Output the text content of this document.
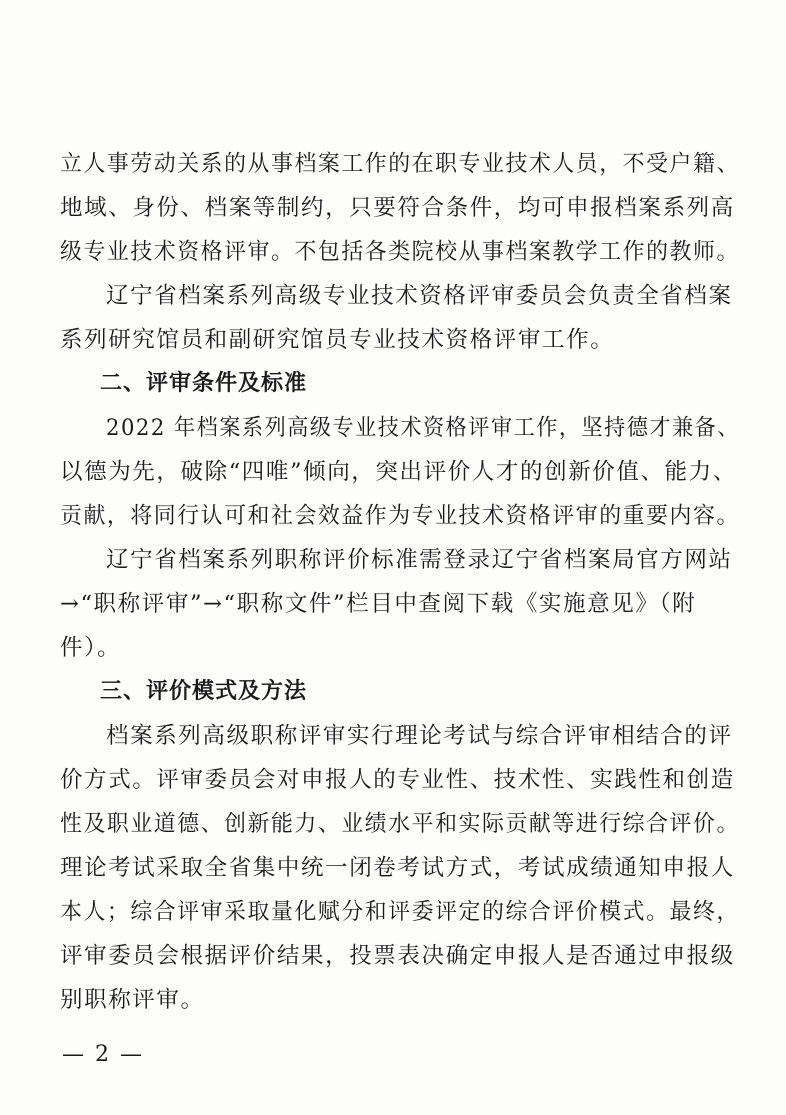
立人事劳动关系的从事档案工作的在职专业技术人员，不受户籍、
地域、身份、档案等制约，只要符合条件，均可申报档案系列高
级专业技术资格评审。不包括各类院校从事档案教学工作的教师。
辽宁省档案系列高级专业技术资格评审委员会负责全省档案
系列研究馆员和副研究馆员专业技术资格评审工作。
二、评审条件及标准
2022 年档案系列高级专业技术资格评审工作，坚持德才兼备、
以德为先，破除“四唯”倾向，突出评价人才的创新价值、能力、
贡献，将同行认可和社会效益作为专业技术资格评审的重要内容。
辽宁省档案系列职称评价标准需登录辽宁省档案局官方网站
→“职称评审”→“职称文件”栏目中查阅下载《实施意见》（附
件）。
三、评价模式及方法
档案系列高级职称评审实行理论考试与综合评审相结合的评
价方式。评审委员会对申报人的专业性、技术性、实践性和创造
性及职业道德、创新能力、业绩水平和实际贡献等进行综合评价。
理论考试采取全省集中统一闭卷考试方式，考试成绩通知申报人
本人；综合评审采取量化赋分和评委评定的综合评价模式。最终，
评审委员会根据评价结果，投票表决确定申报人是否通过申报级
别职称评审。
— 2 —
